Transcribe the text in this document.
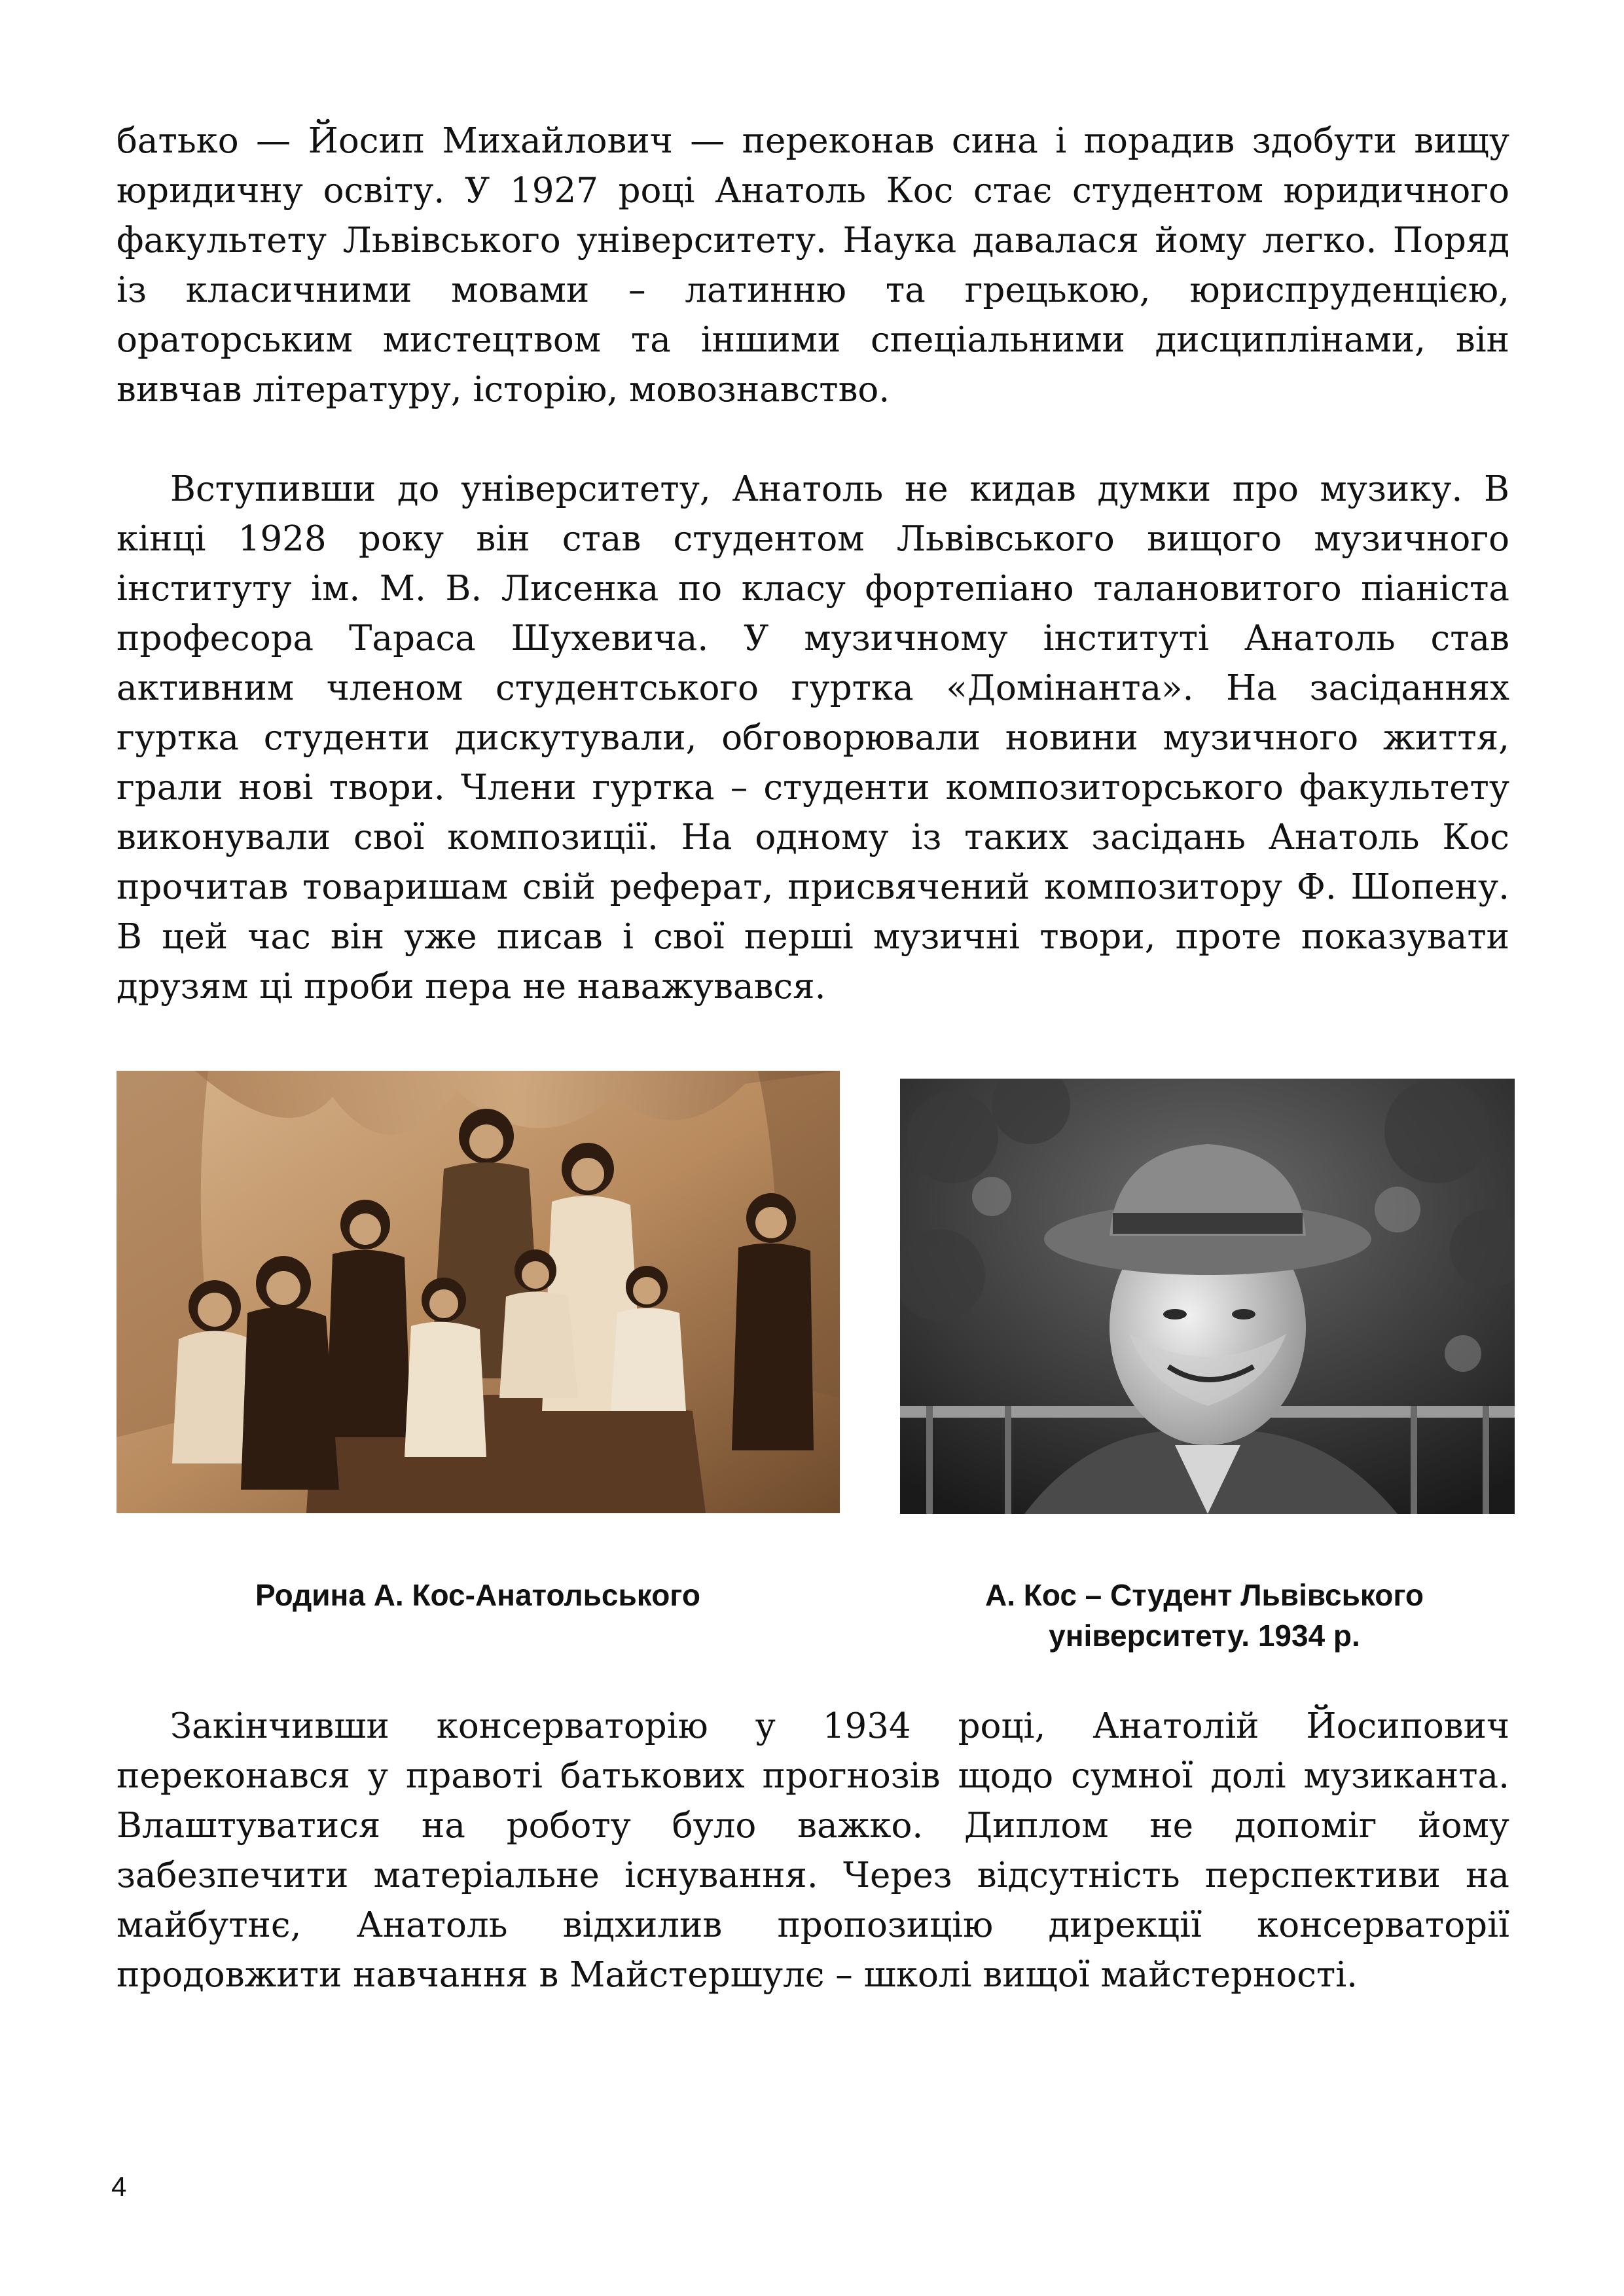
батько — Йосип Михайлович — переконав сина і порадив здобути вищу юридичну освіту. У 1927 році Анатоль Кос стає студентом юридичного факультету Львівського університету. Наука давалася йому легко. Поряд із класичними мовами – латинню та грецькою, юриспруденцією, ораторським мистецтвом та іншими спеціальними дисциплінами, він вивчав літературу, історію, мовознавство.

Вступивши до університету, Анатоль не кидав думки про музику. В кінці 1928 року він став студентом Львівського вищого музичного інституту ім. М. В. Лисенка по класу фортепіано талановитого піаніста професора Тараса Шухевича. У музичному інституті Анатоль став активним членом студентського гуртка «Домінанта». На засіданнях гуртка студенти дискутували, обговорювали новини музичного життя, грали нові твори. Члени гуртка – студенти композиторського факультету виконували свої композиції. На одному із таких засідань Анатоль Кос прочитав товаришам свій реферат, присвячений композитору Ф. Шопену. В цей час він уже писав і свої перші музичні твори, проте показувати друзям ці проби пера не наважувався.

Родина А. Кос-Анатольського	А. Кос – Студент Львівського університету. 1934 р.

Закінчивши консерваторію у 1934 році, Анатолій Йосипович переконався у правоті батькових прогнозів щодо сумної долі музиканта. Влаштуватися на роботу було важко. Диплом не допоміг йому забезпечити матеріальне існування. Через відсутність перспективи на майбутнє, Анатоль відхилив пропозицію дирекції консерваторії продовжити навчання в Майстершулє – школі вищої майстерності.

4
